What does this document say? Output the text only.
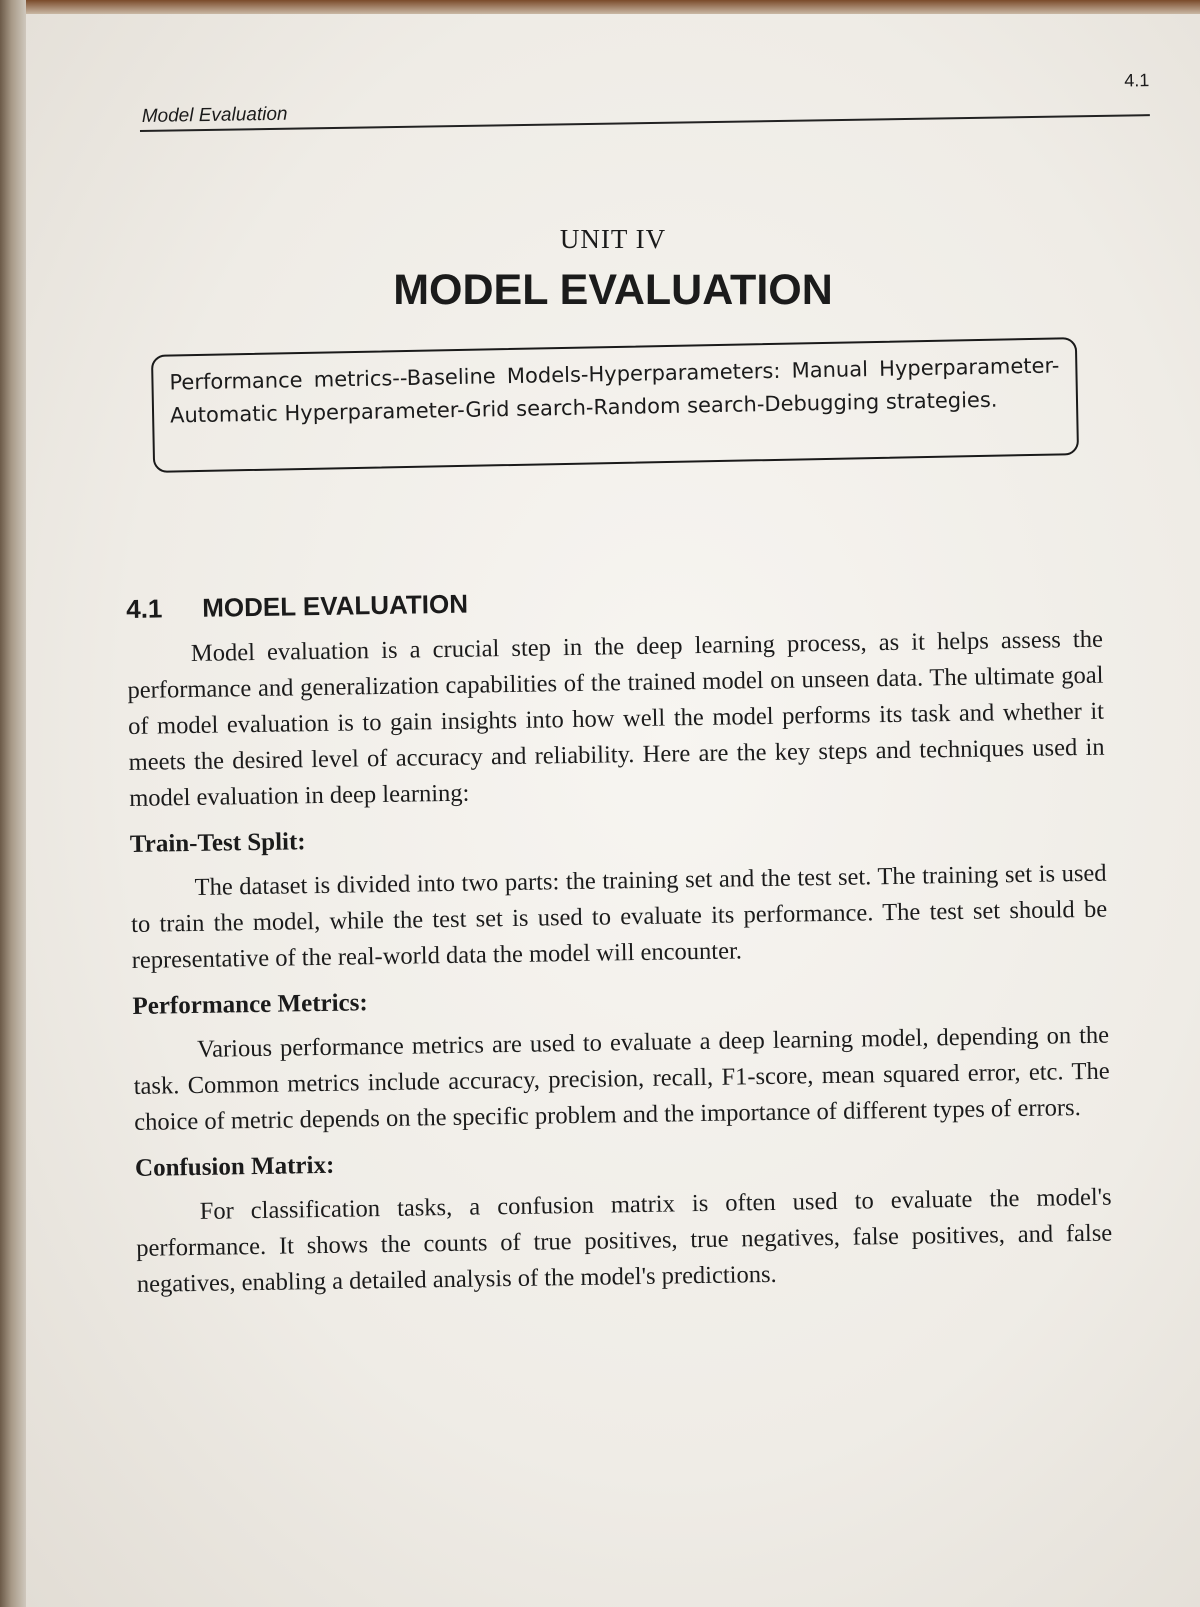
Model Evaluation
4.1
UNIT IV
MODEL EVALUATION
Performance metrics--Baseline Models-Hyperparameters: Manual Hyperparameter-Automatic Hyperparameter-Grid search-Random search-Debugging strategies.
4.1 MODEL EVALUATION

Model evaluation is a crucial step in the deep learning process, as it helps assess the performance and generalization capabilities of the trained model on unseen data. The ultimate goal of model evaluation is to gain insights into how well the model performs its task and whether it meets the desired level of accuracy and reliability. Here are the key steps and techniques used in model evaluation in deep learning:

Train-Test Split:

The dataset is divided into two parts: the training set and the test set. The training set is used to train the model, while the test set is used to evaluate its performance. The test set should be representative of the real-world data the model will encounter.

Performance Metrics:

Various performance metrics are used to evaluate a deep learning model, depending on the task. Common metrics include accuracy, precision, recall, F1-score, mean squared error, etc. The choice of metric depends on the specific problem and the importance of different types of errors.

Confusion Matrix:

For classification tasks, a confusion matrix is often used to evaluate the model's performance. It shows the counts of true positives, true negatives, false positives, and false negatives, enabling a detailed analysis of the model's predictions.
